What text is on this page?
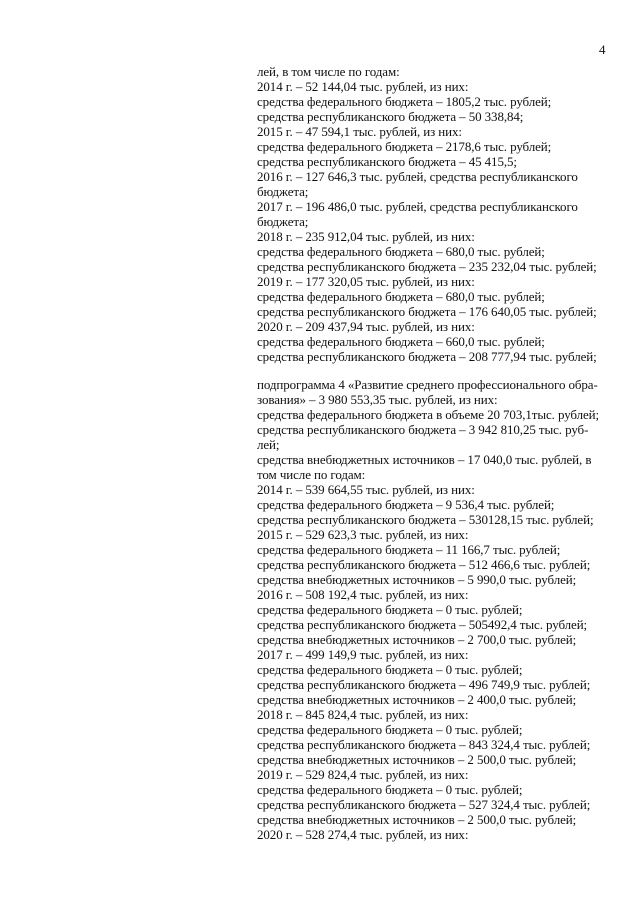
4
лей, в том числе по годам:
2014 г. – 52 144,04 тыс. рублей, из них:
средства федерального бюджета – 1805,2 тыс. рублей;
средства республиканского бюджета – 50 338,84;
2015 г. – 47 594,1 тыс. рублей, из них:
средства федерального бюджета – 2178,6 тыс. рублей;
средства республиканского бюджета – 45 415,5;
2016 г. – 127 646,3 тыс. рублей, средства республиканского
бюджета;
2017 г. – 196 486,0 тыс. рублей, средства республиканского
бюджета;
2018 г. – 235 912,04 тыс. рублей, из них:
средства федерального бюджета – 680,0 тыс. рублей;
средства республиканского бюджета – 235 232,04 тыс. рублей;
2019 г. – 177 320,05 тыс. рублей, из них:
средства федерального бюджета – 680,0 тыс. рублей;
средства республиканского бюджета – 176 640,05 тыс. рублей;
2020 г. – 209 437,94 тыс. рублей, из них:
средства федерального бюджета – 660,0 тыс. рублей;
средства республиканского бюджета – 208 777,94 тыс. рублей;
подпрограмма 4 «Развитие среднего профессионального обра-
зования» – 3 980 553,35 тыс. рублей, из них:
средства федерального бюджета в объеме 20 703,1тыс. рублей;
средства республиканского бюджета – 3 942 810,25 тыс. руб-
лей;
средства внебюджетных источников – 17 040,0 тыс. рублей, в
том числе по годам:
2014 г. – 539 664,55 тыс. рублей, из них:
средства федерального бюджета – 9 536,4 тыс. рублей;
средства республиканского бюджета – 530128,15 тыс. рублей;
2015 г. – 529 623,3 тыс. рублей, из них:
средства федерального бюджета – 11 166,7 тыс. рублей;
средства республиканского бюджета – 512 466,6 тыс. рублей;
средства внебюджетных источников – 5 990,0 тыс. рублей;
2016 г. – 508 192,4 тыс. рублей, из них:
средства федерального бюджета – 0 тыс. рублей;
средства республиканского бюджета – 505492,4 тыс. рублей;
средства внебюджетных источников – 2 700,0 тыс. рублей;
2017 г. – 499 149,9 тыс. рублей, из них:
средства федерального бюджета – 0 тыс. рублей;
средства республиканского бюджета – 496 749,9 тыс. рублей;
средства внебюджетных источников – 2 400,0 тыс. рублей;
2018 г. – 845 824,4 тыс. рублей, из них:
средства федерального бюджета – 0 тыс. рублей;
средства республиканского бюджета – 843 324,4 тыс. рублей;
средства внебюджетных источников – 2 500,0 тыс. рублей;
2019 г. – 529 824,4 тыс. рублей, из них:
средства федерального бюджета – 0 тыс. рублей;
средства республиканского бюджета – 527 324,4 тыс. рублей;
средства внебюджетных источников – 2 500,0 тыс. рублей;
2020 г. – 528 274,4 тыс. рублей, из них:
